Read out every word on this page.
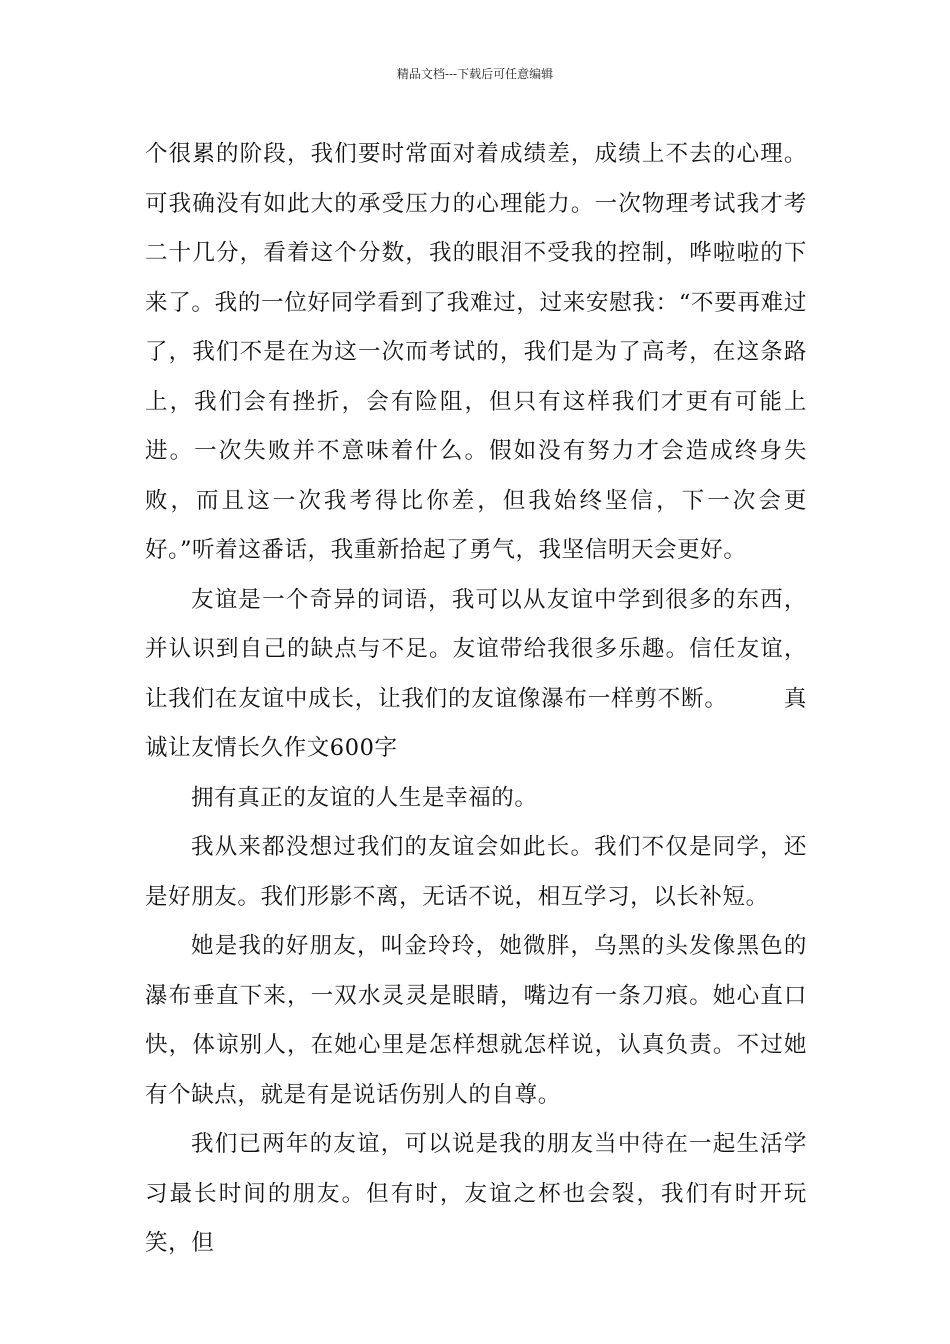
精品文档---下载后可任意编辑

个很累的阶段，我们要时常面对着成绩差，成绩上不去的心理。可我确没有如此大的承受压力的心理能力。一次物理考试我才考二十几分，看着这个分数，我的眼泪不受我的控制，哗啦啦的下来了。我的一位好同学看到了我难过，过来安慰我：“不要再难过了，我们不是在为这一次而考试的，我们是为了高考，在这条路上，我们会有挫折，会有险阻，但只有这样我们才更有可能上进。一次失败并不意味着什么。假如没有努力才会造成终身失败，而且这一次我考得比你差，但我始终坚信，下一次会更好。”听着这番话，我重新拾起了勇气，我坚信明天会更好。

友谊是一个奇异的词语，我可以从友谊中学到很多的东西，并认识到自己的缺点与不足。友谊带给我很多乐趣。信任友谊，让我们在友谊中成长，让我们的友谊像瀑布一样剪不断。 真诚让友情长久作文600字

拥有真正的友谊的人生是幸福的。

我从来都没想过我们的友谊会如此长。我们不仅是同学，还是好朋友。我们形影不离，无话不说，相互学习，以长补短。

她是我的好朋友，叫金玲玲，她微胖，乌黑的头发像黑色的瀑布垂直下来，一双水灵灵是眼睛，嘴边有一条刀痕。她心直口快，体谅别人，在她心里是怎样想就怎样说，认真负责。不过她有个缺点，就是有是说话伤别人的自尊。

我们已两年的友谊，可以说是我的朋友当中待在一起生活学习最长时间的朋友。但有时，友谊之杯也会裂，我们有时开玩笑，但
